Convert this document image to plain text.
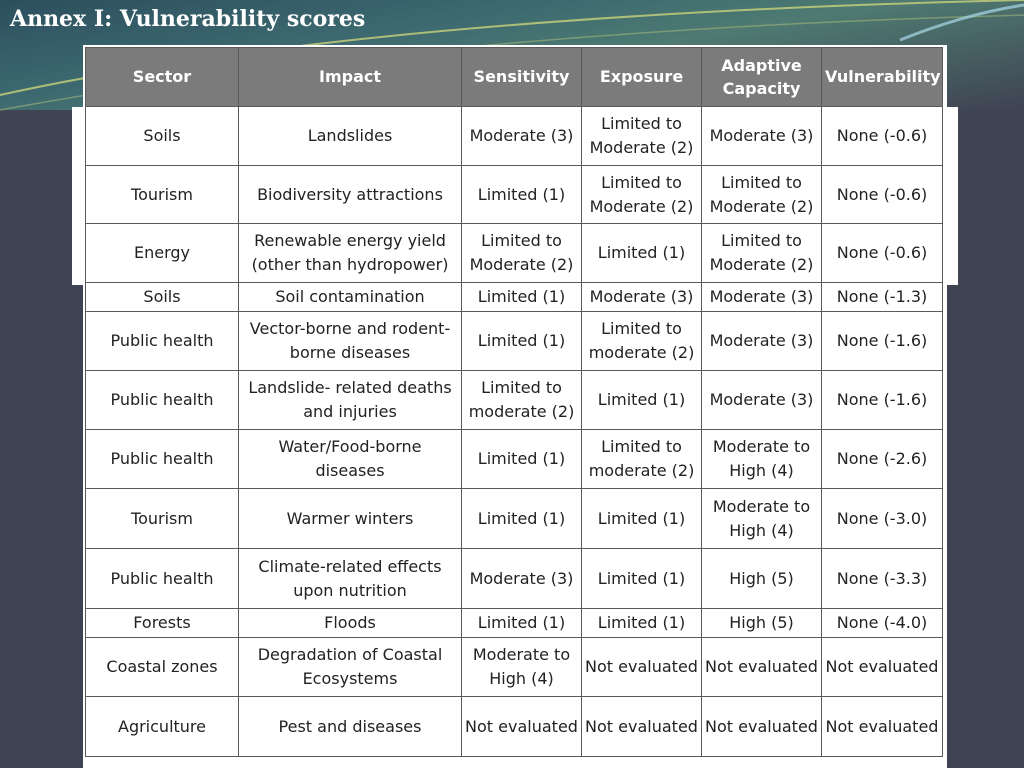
Annex I: Vulnerability scores
Sector	Impact	Sensitivity	Exposure	Adaptive Capacity	Vulnerability
Soils	Landslides	Moderate (3)	Limited to Moderate (2)	Moderate (3)	None (-0.6)
Tourism	Biodiversity attractions	Limited (1)	Limited to Moderate (2)	Limited to Moderate (2)	None (-0.6)
Energy	Renewable energy yield (other than hydropower)	Limited to Moderate (2)	Limited (1)	Limited to Moderate (2)	None (-0.6)
Soils	Soil contamination	Limited (1)	Moderate (3)	Moderate (3)	None (-1.3)
Public health	Vector-borne and rodent-borne diseases	Limited (1)	Limited to moderate (2)	Moderate (3)	None (-1.6)
Public health	Landslide- related deaths and injuries	Limited to moderate (2)	Limited (1)	Moderate (3)	None (-1.6)
Public health	Water/Food-borne diseases	Limited (1)	Limited to moderate (2)	Moderate to High (4)	None (-2.6)
Tourism	Warmer winters	Limited (1)	Limited (1)	Moderate to High (4)	None (-3.0)
Public health	Climate-related effects upon nutrition	Moderate (3)	Limited (1)	High (5)	None (-3.3)
Forests	Floods	Limited (1)	Limited (1)	High (5)	None (-4.0)
Coastal zones	Degradation of Coastal Ecosystems	Moderate to High (4)	Not evaluated	Not evaluated	Not evaluated
Agriculture	Pest and diseases	Not evaluated	Not evaluated	Not evaluated	Not evaluated
